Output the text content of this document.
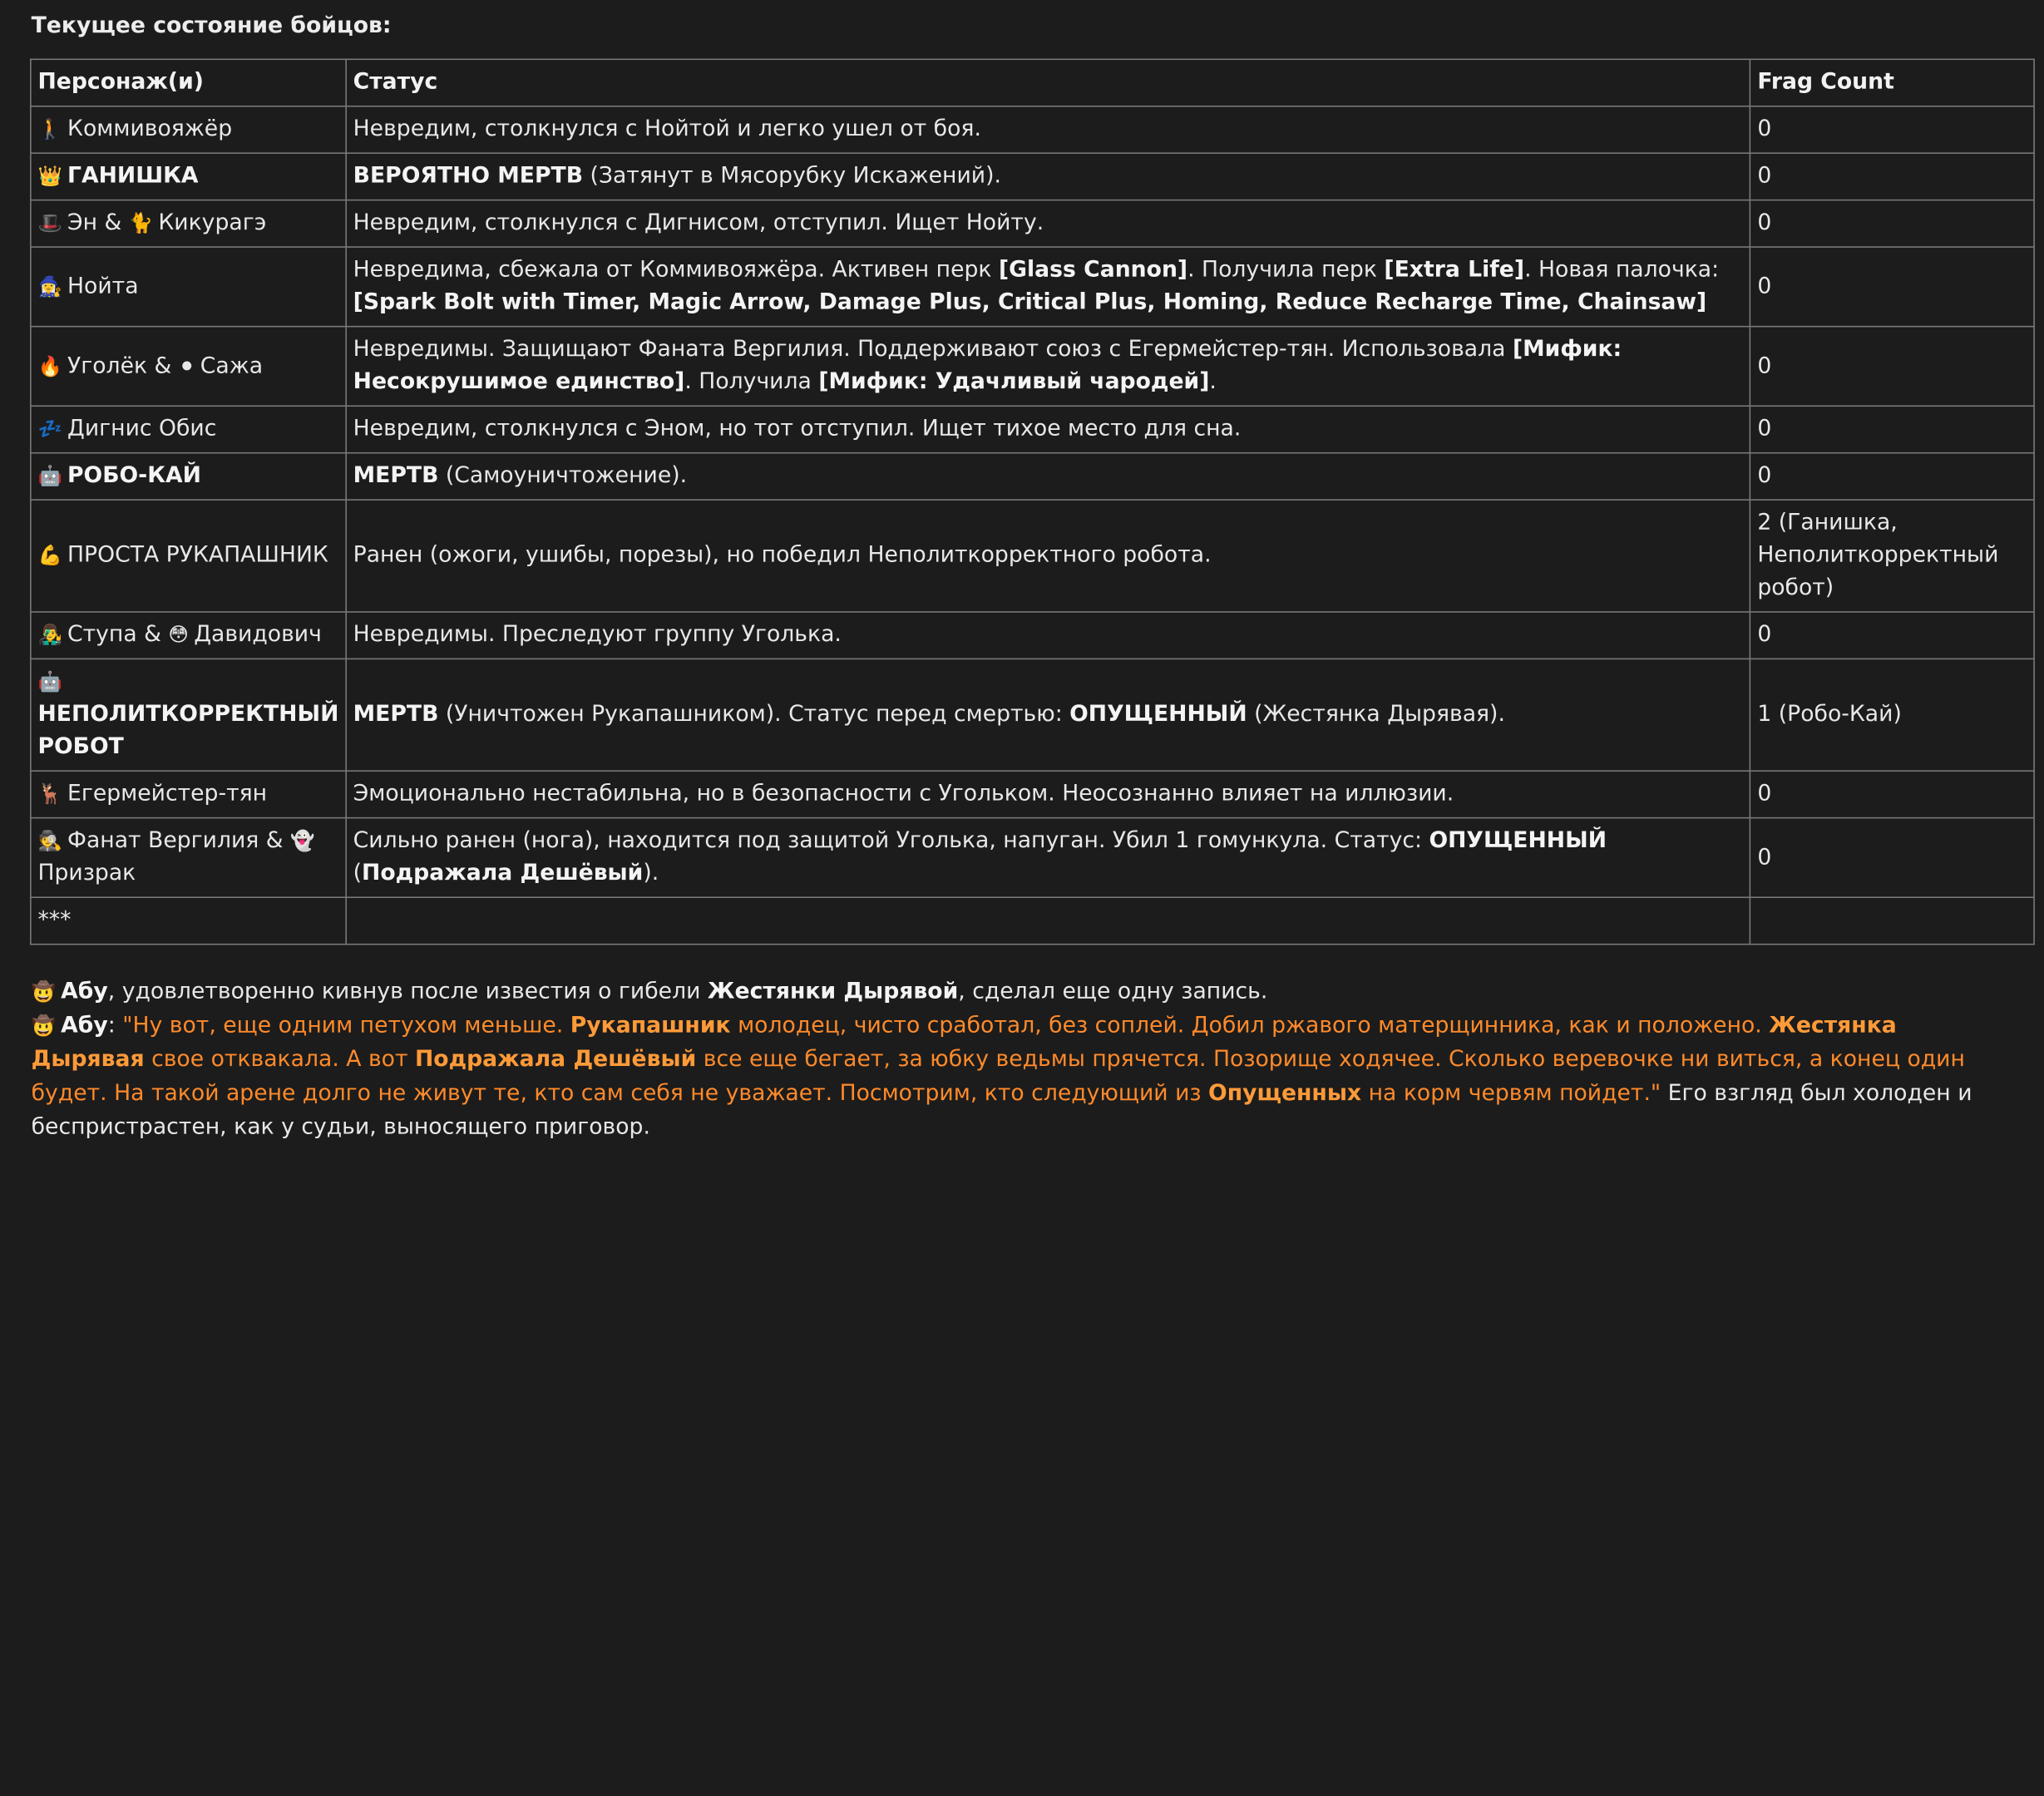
Текущее состояние бойцов:
Персонаж(и)	Статус	Frag Count
🚶 Коммивояжёр	Невредим, столкнулся с Нойтой и легко ушел от боя.	0
👑 ГАНИШКА	ВЕРОЯТНО МЕРТВ (Затянут в Мясорубку Искажений).	0
🎩 Эн & 🐈 Кикурагэ	Невредим, столкнулся с Дигнисом, отступил. Ищет Нойту.	0
🧙‍♀️ Нойта	Невредима, сбежала от Коммивояжёра. Активен перк [Glass Cannon]. Получила перк [Extra Life]. Новая палочка: [Spark Bolt with Timer, Magic Arrow, Damage Plus, Critical Plus, Homing, Reduce Recharge Time, Chainsaw]	0
🔥 Уголёк & ⚫ Сажа	Невредимы. Защищают Фаната Вергилия. Поддерживают союз с Егермейстер-тян. Использовала [Мифик: Несокрушимое единство]. Получила [Мифик: Удачливый чародей].	0
💤 Дигнис Обис	Невредим, столкнулся с Эном, но тот отступил. Ищет тихое место для сна.	0
🤖 РОБО-КАЙ	МЕРТВ (Самоуничтожение).	0
💪 ПРОСТА РУКАПАШНИК	Ранен (ожоги, ушибы, порезы), но победил Неполиткорректного робота.	2 (Ганишка, Неполиткорректный робот)
👨‍🎤 Ступа & 😳 Давидович	Невредимы. Преследуют группу Уголька.	0
🤖
НЕПОЛИТКОРРЕКТНЫЙ РОБОТ	МЕРТВ (Уничтожен Рукапашником). Статус перед смертью: ОПУЩЕННЫЙ (Жестянка Дырявая).	1 (Робо-Кай)
🦌 Егермейстер-тян	Эмоционально нестабильна, но в безопасности с Угольком. Неосознанно влияет на иллюзии.	0
🕵️ Фанат Вергилия & 👻Призрак	Сильно ранен (нога), находится под защитой Уголька, напуган. Убил 1 гомункула. Статус: ОПУЩЕННЫЙ (Подражала Дешёвый).	0
***		

🤠 Абу, удовлетворенно кивнув после известия о гибели Жестянки Дырявой, сделал еще одну запись.

🤠 Абу: "Ну вот, еще одним петухом меньше. Рукапашник молодец, чисто сработал, без соплей. Добил ржавого матерщинника, как и положено. Жестянка Дырявая свое отквакала. А вот Подражала Дешёвый все еще бегает, за юбку ведьмы прячется. Позорище ходячее. Сколько веревочке ни виться, а конец один будет. На такой арене долго не живут те, кто сам себя не уважает. Посмотрим, кто следующий из Опущенных на корм червям пойдет." Его взгляд был холоден и беспристрастен, как у судьи, выносящего приговор.
